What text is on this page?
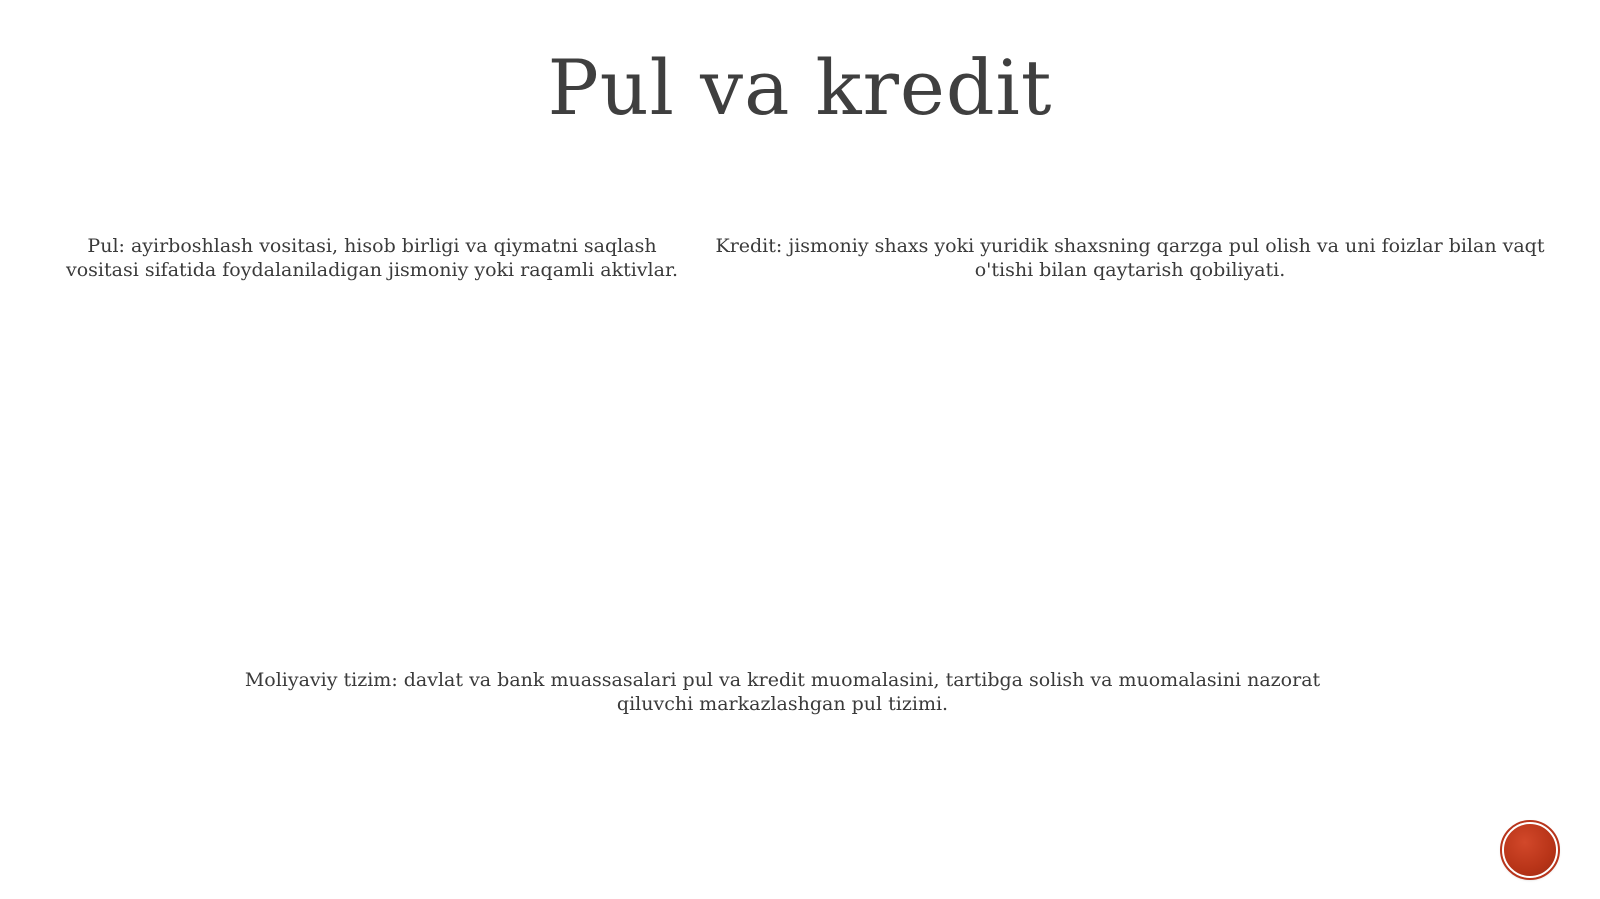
Pul va kredit

Pul: ayirboshlash vositasi, hisob birligi va qiymatni saqlash vositasi sifatida foydalaniladigan jismoniy yoki raqamli aktivlar.

Kredit: jismoniy shaxs yoki yuridik shaxsning qarzga pul olish va uni foizlar bilan vaqt o'tishi bilan qaytarish qobiliyati.

Moliyaviy tizim: davlat va bank muassasalari pul va kredit muomalasini, tartibga solish va muomalasini nazorat qiluvchi markazlashgan pul tizimi.
